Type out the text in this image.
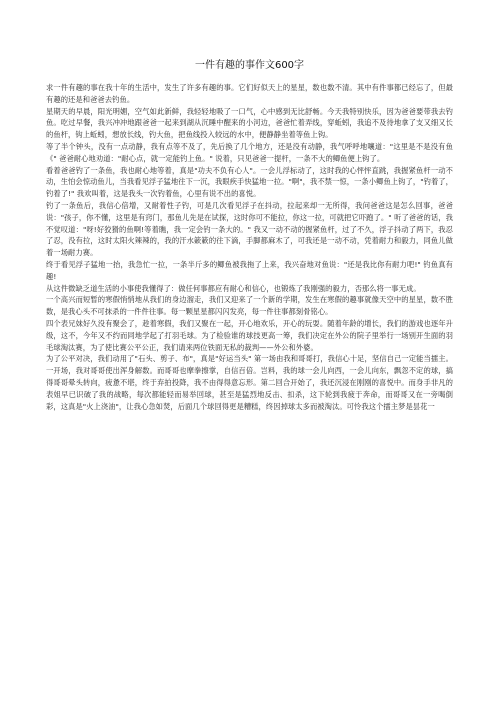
一件有趣的事作文600字

求一件有趣的事在我十年的生活中，发生了许多有趣的事。它们好似天上的星星，数也数不清。其中有件事都已经忘了，但最有趣的还是和爸爸去钓鱼。

星期天的早晨，阳光明媚，空气如此新鲜，我轻轻地吸了一口气，心中感到无比舒畅。今天我特别快乐，因为爸爸要带我去钓鱼。吃过早餐，我兴冲冲地跟爸爸一起来到湖从沉睡中醒来的小河边，爸爸忙着弄线，穿蚯蚓，我追不及待地拿了支又细又长的鱼杆，钩上蚯蚓，想放长线，钓大鱼，把鱼线投入较远的水中，便静静坐着等鱼上钩。

等了半个钟头，没有一点动静，我有点等不及了，先后换了几个地方，还是没有动静，我气呼呼地嚷道："这里是不是没有鱼《" 爸爸耐心地劝道："耐心点，就一定能钓上鱼。" 说着，只见爸爸一提杆，一条不大的鲫鱼便上钩了。

看着爸爸钓了一条鱼，我也耐心地等着，真是"功夫不负有心人"。一会儿浮标动了，这时我的心怦怦直跳，我握紧鱼杆一动不动，生怕会惊动鱼儿，当我看见浮子猛地往下一沉，我眼疾手快猛地一拉。"啊"，我不禁一惊，一条小鲫鱼上钩了，"钓着了，钓着了!" 我欢叫着，这是我头一次钓着鱼，心里有说不出的喜悦。

钓了一条鱼后，我信心倍增，又耐着性子钓，可是几次看见浮子在抖动，拉起来却一无所得，我问爸爸这是怎么回事，爸爸说："孩子，你不懂，这里是有窍门，那鱼儿先是在试探，这时你可不能拉，你这一拉，可就把它吓跑了。" 听了爸爸的话，我不觉叹道："呀!好狡猾的鱼啊!等着瞧，我一定会钓一条大的。" 我又一动不动的握紧鱼杆，过了不久，浮子抖动了两下，我忍了忍，没有拉，这时太阳火辣辣的，我的汗水簌簌的往下滴，手脚都麻木了，可我还是一动不动，凭着耐力和毅力，同鱼儿做着一场耐力赛。

终于看见浮子猛地一抬，我急忙一拉，一条半斤多的鲫鱼被我拖了上来，我兴奋地对鱼说："还是我比你有耐力吧!" 钓鱼真有趣!

从这件微缺乏道生活的小事使我懂得了：做任何事都应有耐心和信心，也锻炼了我刚强的毅力，否那么将一事无成。

一个高兴而短暂的寒假悄悄地从我们的身边溜走，我们又迎来了一个新的学期，发生在寒假的趣事就像天空中的星星，数不胜数，是我心头不可抹杀的一件件往事。每一颗星星都闪闪发亮，每一件往事都刻骨铭心。

四个表兄妹好久没有聚会了，趁着寒假，我们又聚在一起，开心地欢乐，开心的玩耍。随着年龄的增长，我们的游戏也逐年升级，这不，今年又不约而同地学起了打羽毛球。为了检验谁的球技更高一筹，我们决定在外公的院子里举行一场别开生面的羽毛球淘汰赛，为了使比赛公平公正，我们请来两位铁面无私的裁判——外公和外婆。

为了公平对决，我们动用了"石头、剪子、布"，真是"好运当头" 第一场由我和哥哥打，我信心十足，坚信自己一定能当擂主。一开场，我对哥哥使出浑身解数。而哥哥也摩拳擦掌，自信百倍。岂料，我的球一会儿向西，一会儿向东，飘忽不定的球，搞得哥哥晕头转向，疲惫不堪，终于弃拍投降，我不由得得意忘形。第二回合开始了，我还沉浸在刚刚的喜悦中。而身手非凡的表姐早已识破了我的战略，每次都能轻而易举回球，甚至是猛烈地反击、扣杀，这下轮到我疲于奔命，而哥哥又在一旁喝倒彩，这真是"火上浇油"，让我心急如焚，后面几个球回得更是糟糕，终因掉球太多而被淘汰。可怜我这个擂主梦是昙花一
